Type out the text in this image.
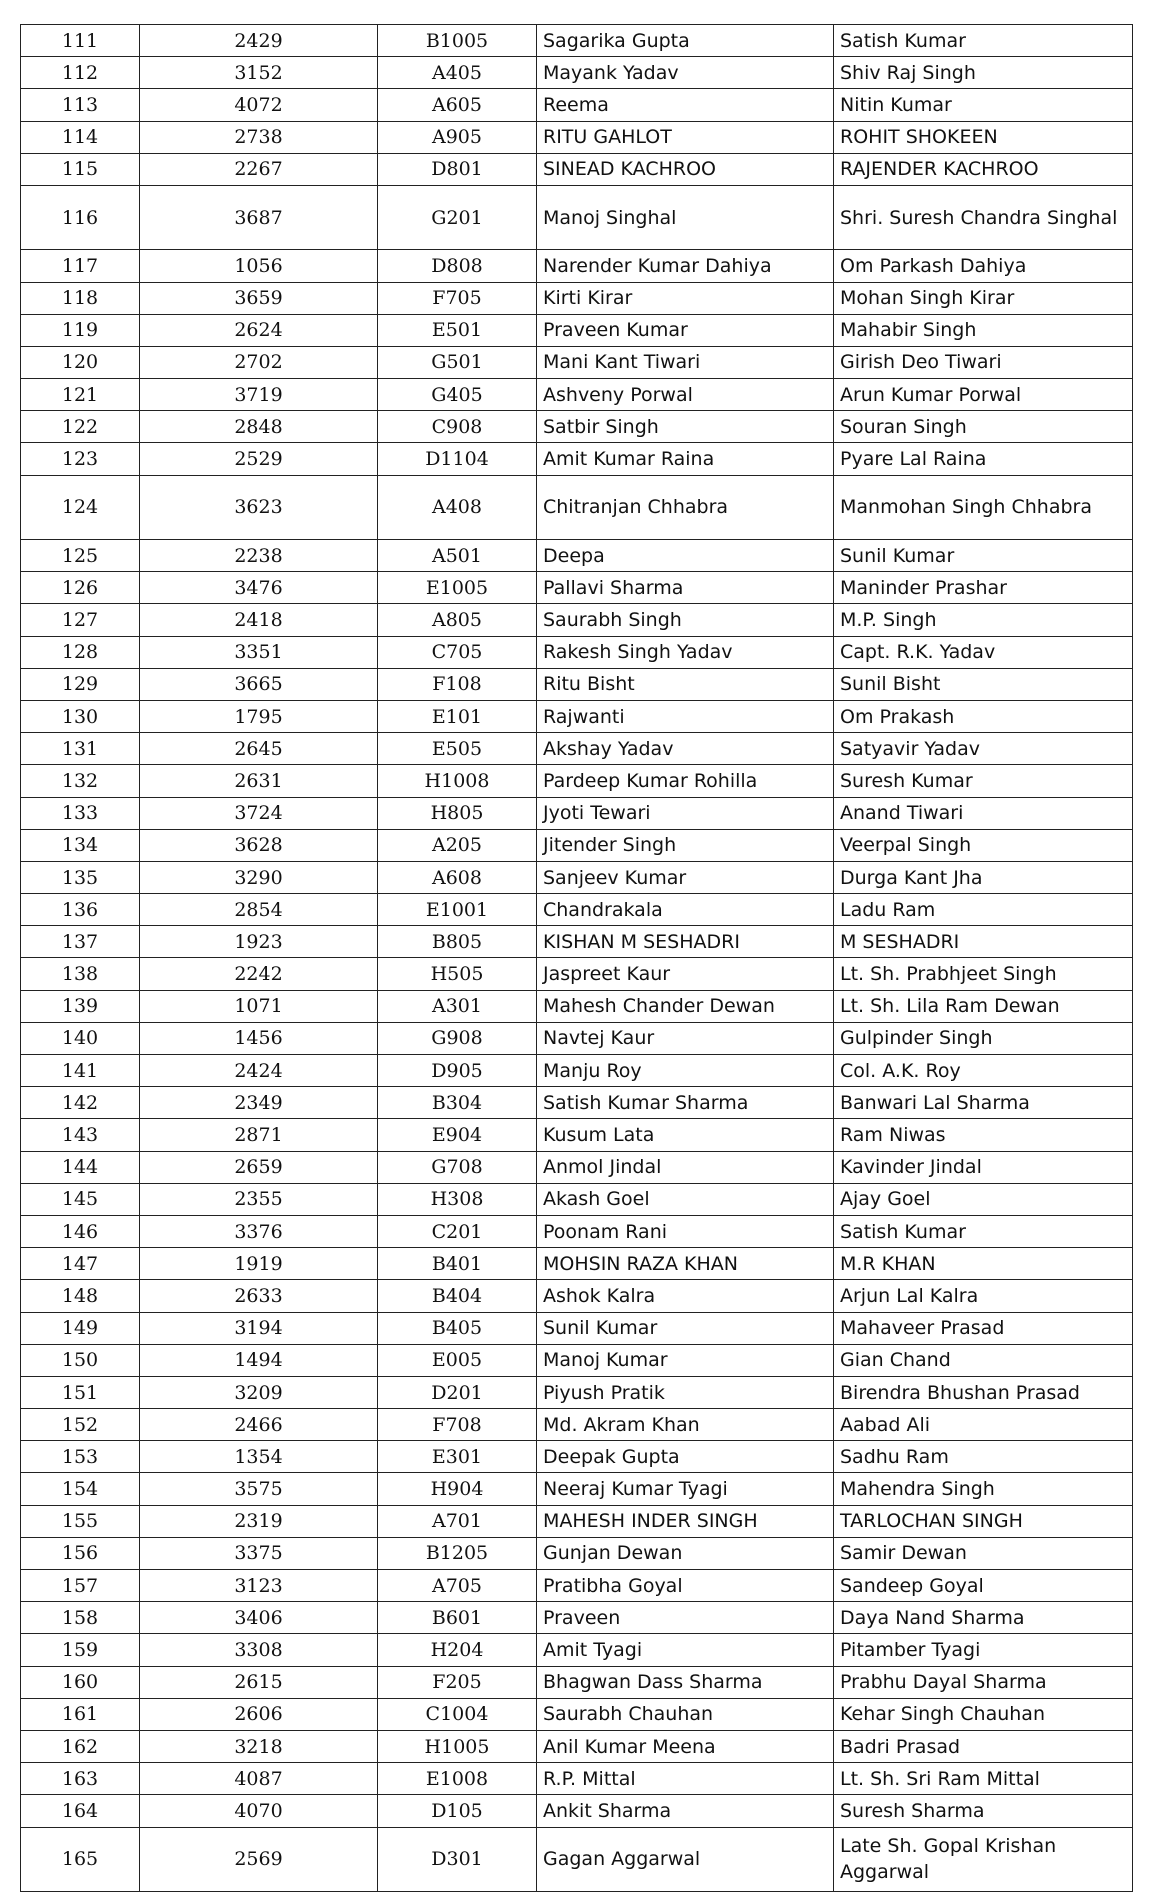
111	2429	B1005	Sagarika Gupta	Satish Kumar
112	3152	A405	Mayank Yadav	Shiv Raj Singh
113	4072	A605	Reema	Nitin Kumar
114	2738	A905	RITU GAHLOT	ROHIT SHOKEEN
115	2267	D801	SINEAD KACHROO	RAJENDER KACHROO
116	3687	G201	Manoj Singhal	Shri. Suresh Chandra Singhal
117	1056	D808	Narender Kumar Dahiya	Om Parkash Dahiya
118	3659	F705	Kirti Kirar	Mohan Singh Kirar
119	2624	E501	Praveen Kumar	Mahabir Singh
120	2702	G501	Mani Kant Tiwari	Girish Deo Tiwari
121	3719	G405	Ashveny Porwal	Arun Kumar Porwal
122	2848	C908	Satbir Singh	Souran Singh
123	2529	D1104	Amit Kumar Raina	Pyare Lal Raina
124	3623	A408	Chitranjan Chhabra	Manmohan Singh Chhabra
125	2238	A501	Deepa	Sunil Kumar
126	3476	E1005	Pallavi Sharma	Maninder Prashar
127	2418	A805	Saurabh Singh	M.P. Singh
128	3351	C705	Rakesh Singh Yadav	Capt. R.K. Yadav
129	3665	F108	Ritu Bisht	Sunil Bisht
130	1795	E101	Rajwanti	Om Prakash
131	2645	E505	Akshay Yadav	Satyavir Yadav
132	2631	H1008	Pardeep Kumar Rohilla	Suresh Kumar
133	3724	H805	Jyoti Tewari	Anand Tiwari
134	3628	A205	Jitender Singh	Veerpal Singh
135	3290	A608	Sanjeev Kumar	Durga Kant Jha
136	2854	E1001	Chandrakala	Ladu Ram
137	1923	B805	KISHAN M SESHADRI	M SESHADRI
138	2242	H505	Jaspreet Kaur	Lt. Sh. Prabhjeet Singh
139	1071	A301	Mahesh Chander Dewan	Lt. Sh. Lila Ram Dewan
140	1456	G908	Navtej Kaur	Gulpinder Singh
141	2424	D905	Manju Roy	Col. A.K. Roy
142	2349	B304	Satish Kumar Sharma	Banwari Lal Sharma
143	2871	E904	Kusum Lata	Ram Niwas
144	2659	G708	Anmol Jindal	Kavinder Jindal
145	2355	H308	Akash Goel	Ajay Goel
146	3376	C201	Poonam Rani	Satish Kumar
147	1919	B401	MOHSIN RAZA KHAN	M.R KHAN
148	2633	B404	Ashok Kalra	Arjun Lal Kalra
149	3194	B405	Sunil Kumar	Mahaveer Prasad
150	1494	E005	Manoj Kumar	Gian Chand
151	3209	D201	Piyush Pratik	Birendra Bhushan Prasad
152	2466	F708	Md. Akram Khan	Aabad Ali
153	1354	E301	Deepak Gupta	Sadhu Ram
154	3575	H904	Neeraj Kumar Tyagi	Mahendra Singh
155	2319	A701	MAHESH INDER SINGH	TARLOCHAN SINGH
156	3375	B1205	Gunjan Dewan	Samir Dewan
157	3123	A705	Pratibha Goyal	Sandeep Goyal
158	3406	B601	Praveen	Daya Nand Sharma
159	3308	H204	Amit Tyagi	Pitamber Tyagi
160	2615	F205	Bhagwan Dass Sharma	Prabhu Dayal Sharma
161	2606	C1004	Saurabh Chauhan	Kehar Singh Chauhan
162	3218	H1005	Anil Kumar Meena	Badri Prasad
163	4087	E1008	R.P. Mittal	Lt. Sh. Sri Ram Mittal
164	4070	D105	Ankit Sharma	Suresh Sharma
165	2569	D301	Gagan Aggarwal	Late Sh. Gopal Krishan Aggarwal
